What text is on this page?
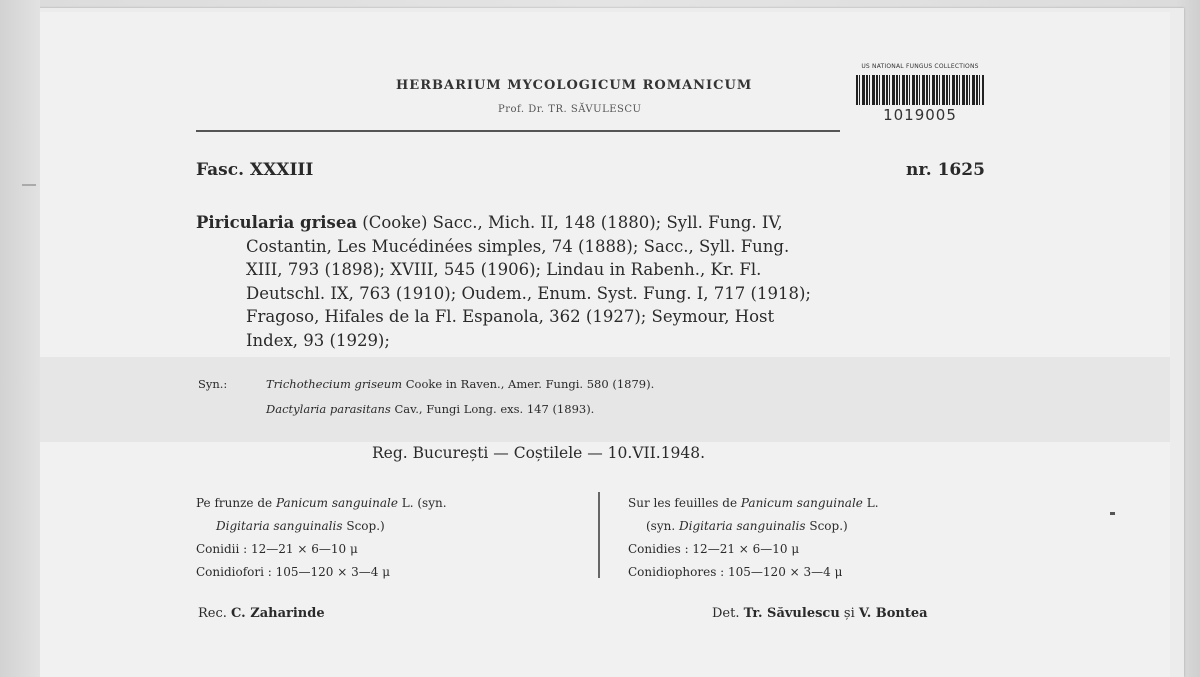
HERBARIUM MYCOLOGICUM ROMANICUM
Prof. Dr. TR. SĂVULESCU
US NATIONAL FUNGUS COLLECTIONS
1019005
Fasc. XXXIII	nr. 1625
Piricularia grisea (Cooke) Sacc., Mich. II, 148 (1880); Syll. Fung. IV,
Costantin, Les Mucédinées simples, 74 (1888); Sacc., Syll. Fung.
XIII, 793 (1898); XVIII, 545 (1906); Lindau in Rabenh., Kr. Fl.
Deutschl. IX, 763 (1910); Oudem., Enum. Syst. Fung. I, 717 (1918);
Fragoso, Hifales de la Fl. Espanola, 362 (1927); Seymour, Host
Index, 93 (1929);
Syn.:	Trichothecium griseum Cooke in Raven., Amer. Fungi. 580 (1879).
Dactylaria parasitans Cav., Fungi Long. exs. 147 (1893).
Reg. București — Coștilele — 10.VII.1948.
Pe frunze de Panicum sanguinale L. (syn.
Digitaria sanguinalis Scop.)
Conidii : 12—21 × 6—10 μ
Conidiofori : 105—120 × 3—4 μ
Sur les feuilles de Panicum sanguinale L.
(syn. Digitaria sanguinalis Scop.)
Conidies : 12—21 × 6—10 μ
Conidiophores : 105—120 × 3—4 μ
Rec. C. Zaharinde	Det. Tr. Săvulescu și V. Bontea
